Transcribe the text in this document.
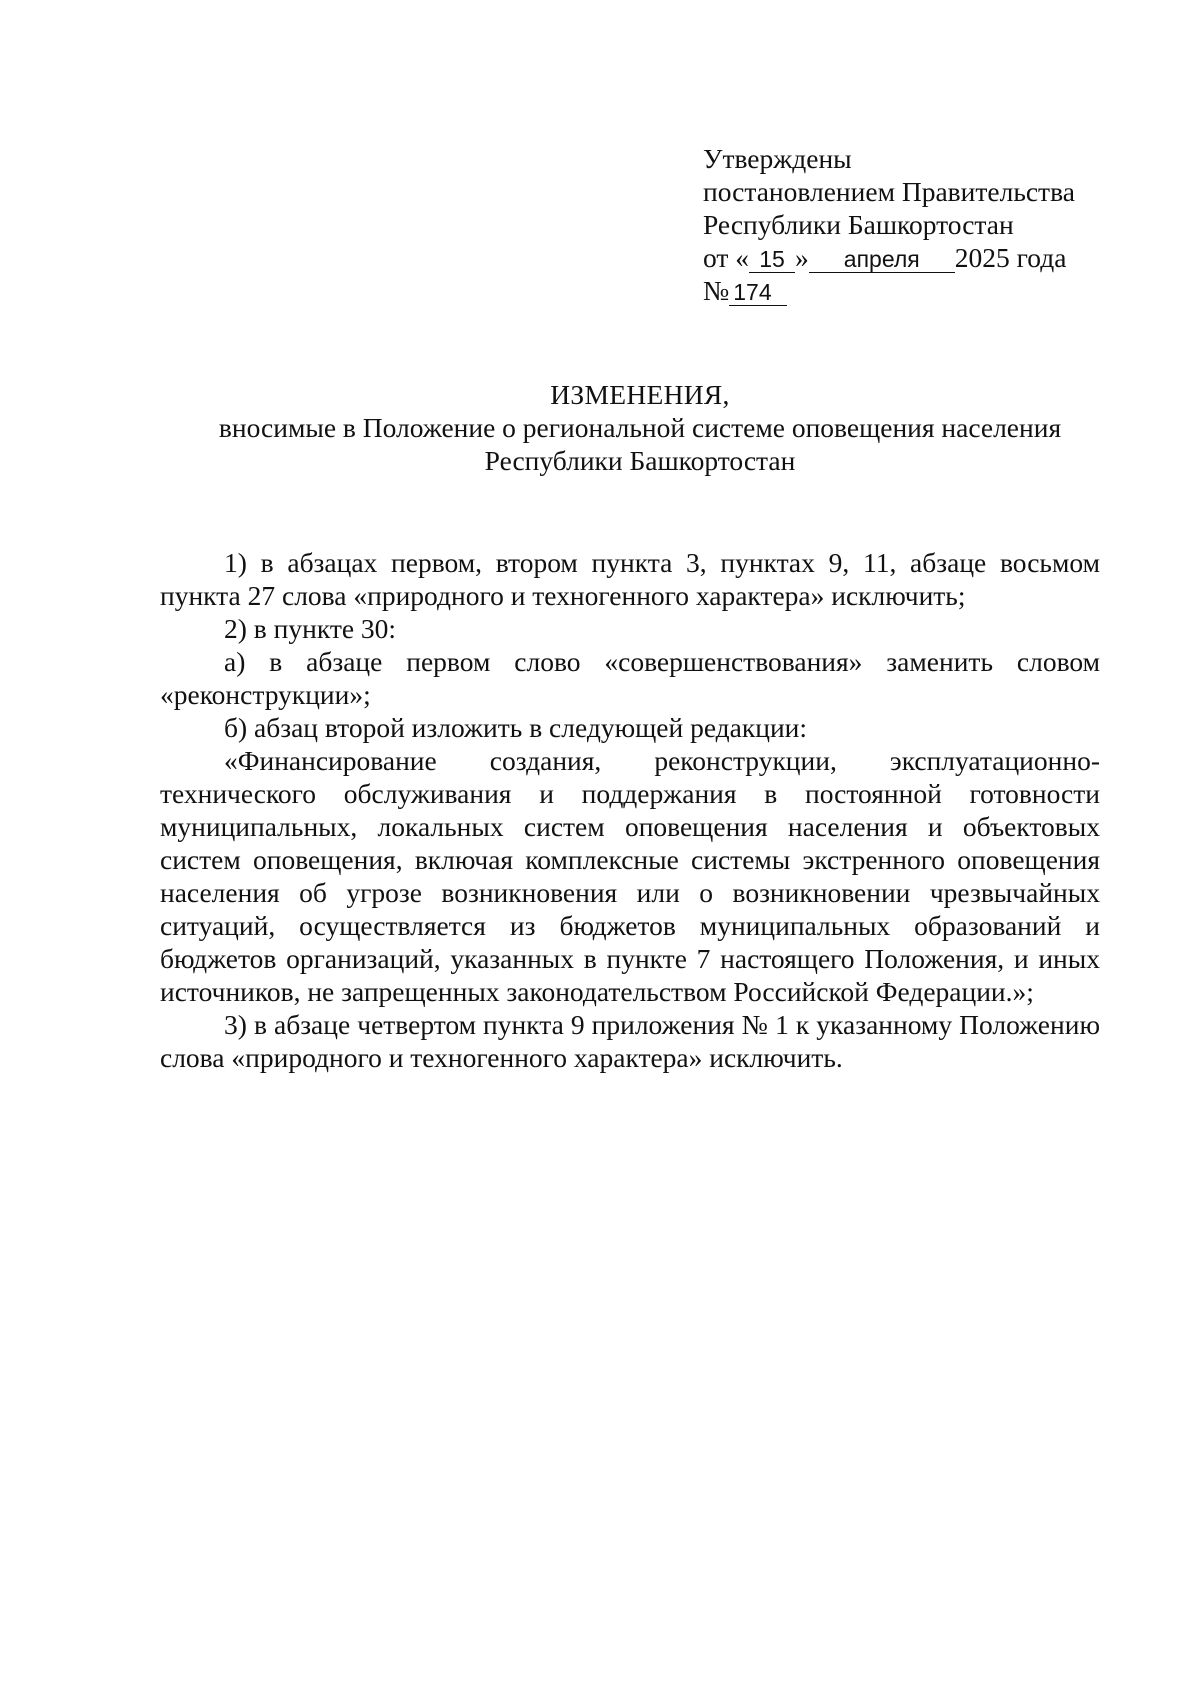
Утверждены
постановлением Правительства
Республики Башкортостан
от « 15 » апреля 2025 года
№ 174
ИЗМЕНЕНИЯ,
вносимые в Положение о региональной системе оповещения населения
Республики Башкортостан

1) в абзацах первом, втором пункта 3, пунктах 9, 11, абзаце восьмом пункта 27 слова «природного и техногенного характера» исключить;

2) в пункте 30:

а) в абзаце первом слово «совершенствования» заменить словом «реконструкции»;

б) абзац второй изложить в следующей редакции:

«Финансирование создания, реконструкции, эксплуатационно-технического обслуживания и поддержания в постоянной готовности муниципальных, локальных систем оповещения населения и объектовых систем оповещения, включая комплексные системы экстренного оповещения населения об угрозе возникновения или о возникновении чрезвычайных ситуаций, осуществляется из бюджетов муниципальных образований и бюджетов организаций, указанных в пункте 7 настоящего Положения, и иных источников, не запрещенных законодательством Российской Федерации.»;

3) в абзаце четвертом пункта 9 приложения № 1 к указанному Положению слова «природного и техногенного характера» исключить.
